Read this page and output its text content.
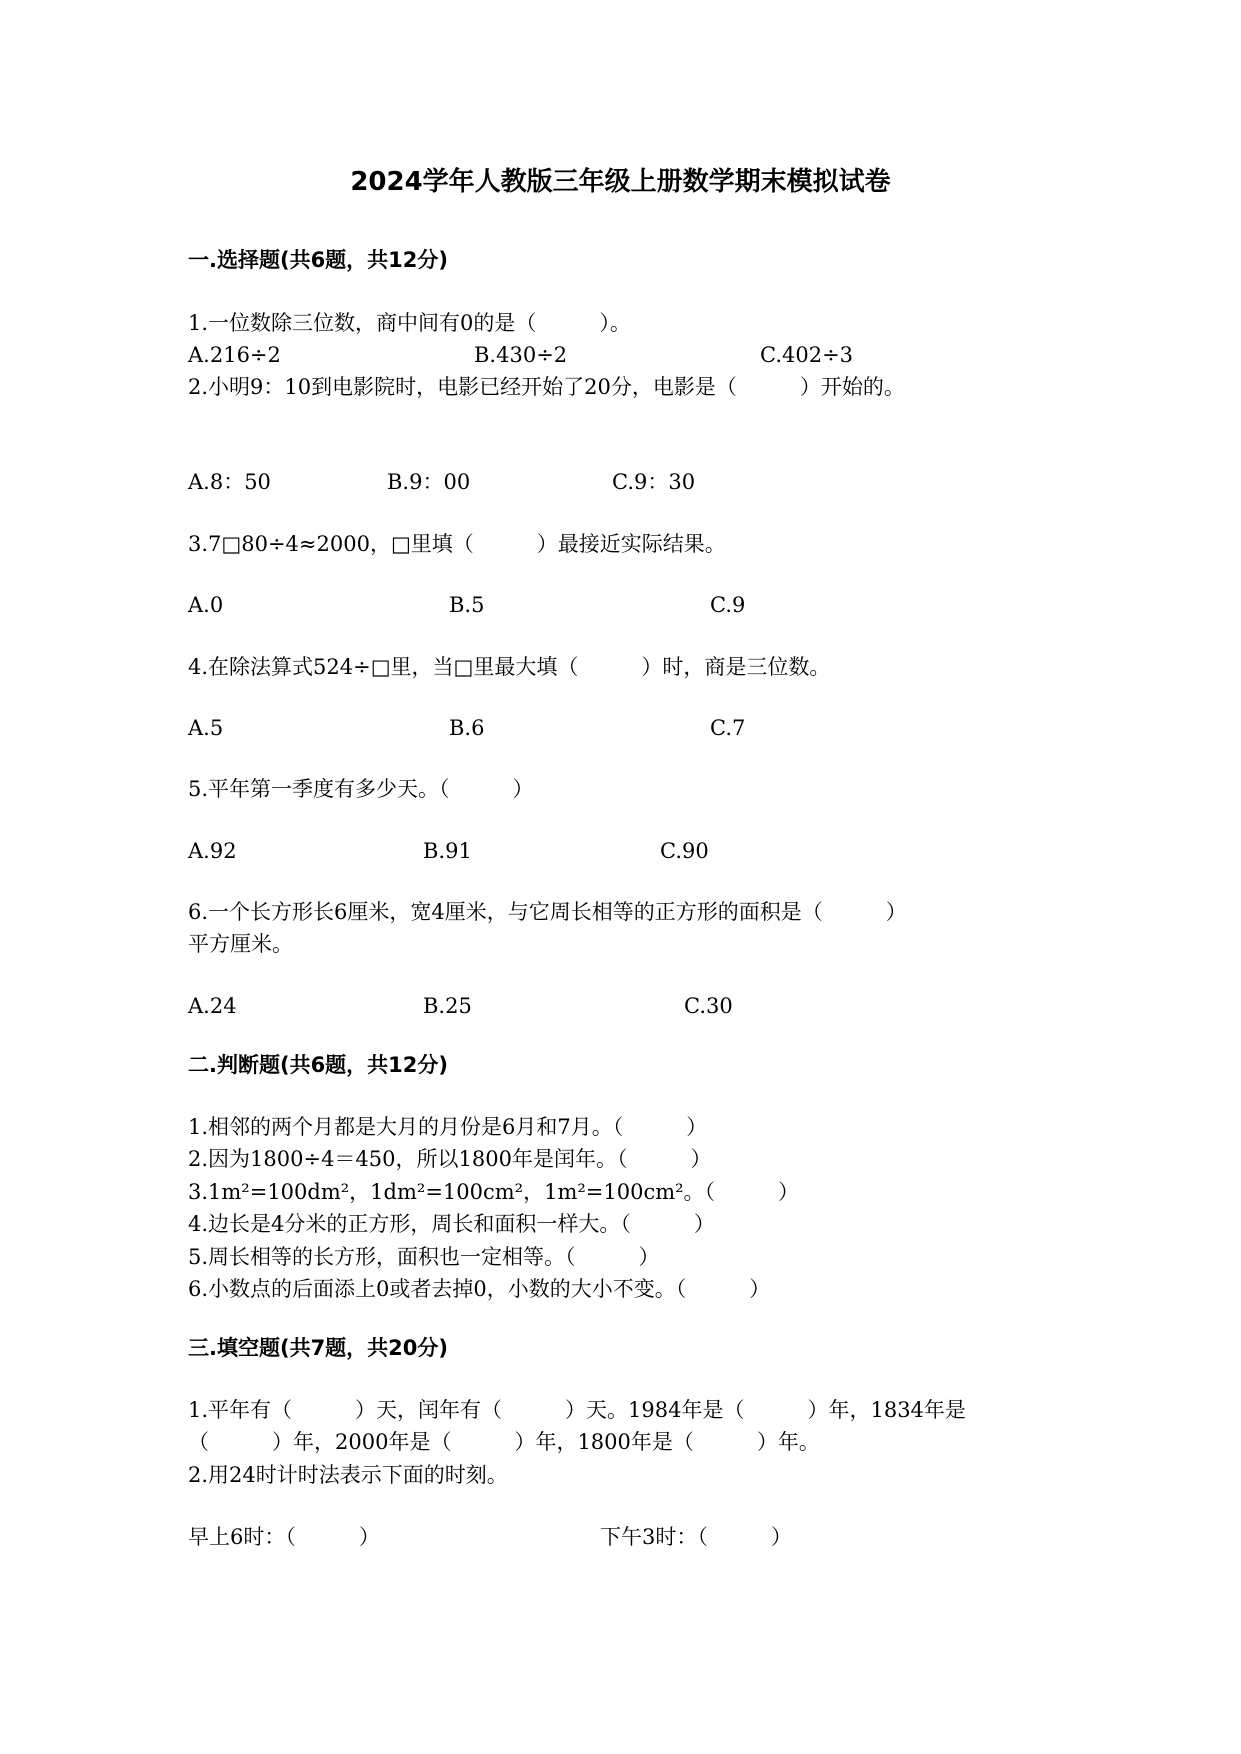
2024学年人教版三年级上册数学期末模拟试卷
一.选择题(共6题，共12分)
1.一位数除三位数，商中间有0的是（　　　）。
A.216÷2	B.430÷2	C.402÷3
2.小明9：10到电影院时，电影已经开始了20分，电影是（　　　）开始的。
A.8：50	B.9：00	C.9：30
3.7□80÷4≈2000，□里填（　　　）最接近实际结果。
A.0	B.5	C.9
4.在除法算式524÷□里，当□里最大填（　　　）时，商是三位数。
A.5	B.6	C.7
5.平年第一季度有多少天。（　　　）
A.92	B.91	C.90
6.一个长方形长6厘米，宽4厘米，与它周长相等的正方形的面积是（　　　）
平方厘米。
A.24	B.25	C.30
二.判断题(共6题，共12分)
1.相邻的两个月都是大月的月份是6月和7月。（　　　）
2.因为1800÷4＝450，所以1800年是闰年。（　　　）
3.1m²=100dm²，1dm²=100cm²，1m²=100cm²。（　　　）
4.边长是4分米的正方形，周长和面积一样大。（　　　）
5.周长相等的长方形，面积也一定相等。（　　　）
6.小数点的后面添上0或者去掉0，小数的大小不变。（　　　）
三.填空题(共7题，共20分)
1.平年有（　　　）天，闰年有（　　　）天。1984年是（　　　）年，1834年是
（　　　）年，2000年是（　　　）年，1800年是（　　　）年。
2.用24时计时法表示下面的时刻。
早上6时：（　　　）	下午3时：（　　　）
